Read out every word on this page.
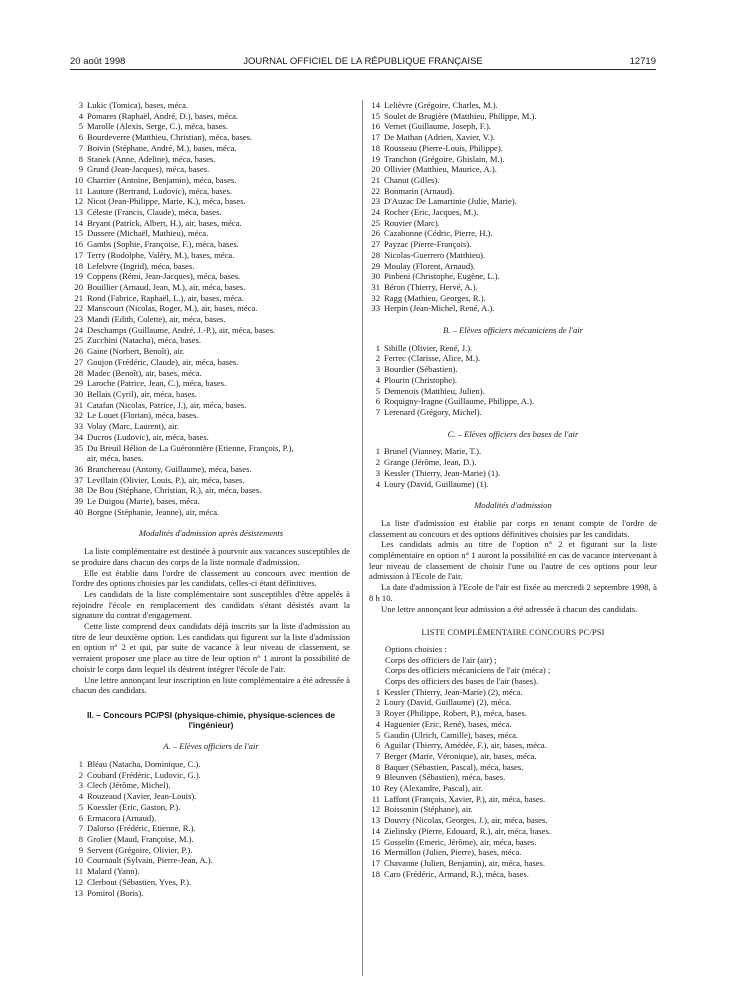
20 août 1998	JOURNAL OFFICIEL DE LA RÉPUBLIQUE FRANÇAISE	12719
3 Lukic (Tomica), bases, méca.
4 Pomares (Raphaël, André, D.), bases, méca.
5 Marolle (Alexis, Serge, C.), méca, bases.
6 Bourdeverre (Matthieu, Christian), méca, bases.
7 Boivin (Stéphane, André, M.), bases, méca.
8 Stanek (Anne, Adeline), méca, bases.
9 Grund (Jean-Jacques), méca, bases.
10 Charrier (Antoine, Benjamin), méca, bases.
11 Lauture (Bertrand, Ludovic), méca, bases.
12 Nicot (Jean-Philippe, Marie, K.), méca, bases.
13 Céleste (Francis, Claude), méca, bases.
14 Bryant (Patrick, Albert, H.), air, bases, méca.
15 Dussere (Michaël, Mathieu), méca.
16 Gambs (Sophie, Françoise, F.), méca, bases.
17 Terry (Rodolphe, Valéry, M.), bases, méca.
18 Lefebvre (Ingrid), méca, bases.
19 Coppens (Rémi, Jean-Jacques), méca, bases.
20 Bouillier (Arnaud, Jean, M.), air, méca, bases.
21 Rond (Fabrice, Raphaël, L.), air, bases, méca.
22 Manscourt (Nicolas, Roger, M.), air, bases, méca.
23 Mandi (Edith, Colette), air, méca, bases.
24 Deschamps (Guillaume, André, J.-P.), air, méca, bases.
25 Zucchini (Natacha), méca, bases.
26 Gaine (Norbert, Benoît), air.
27 Goujon (Frédéric, Claude), air, méca, bases.
28 Madec (Benoît), air, bases, méca.
29 Laroche (Patrice, Jean, C.), méca, bases.
30 Bellais (Cyril), air, méca, bases.
31 Catafan (Nicolas, Patrice, J.), air, méca, bases.
32 Le Louet (Florian), méca, bases.
33 Volay (Marc, Laurent), air.
34 Ducros (Ludovic), air, méca, bases.
35 Du Breuil Hélion de La Guéronnière (Etienne, François, P.),
air, méca, bases.
36 Branchereau (Antony, Guillaume), méca, bases.
37 Levillain (Olivier, Louis, P.), air, méca, bases.
38 De Bou (Stéphane, Christian, R.), air, méca, bases.
39 Le Duigou (Marie), bases, méca.
40 Borgne (Stéphanie, Jeanne), air, méca.
Modalités d'admission après désistements
La liste complémentaire est destinée à pourvoir aux vacances susceptibles de se produire dans chacun des corps de la liste normale d'admission.
Elle est établie dans l'ordre de classement au concours avec mention de l'ordre des options choisies par les candidats, celles-ci étant définitives.
Les candidats de la liste complémentaire sont susceptibles d'être appelés à rejoindre l'école en remplacement des candidats s'étant désistés avant la signature du contrat d'engagement.
Cette liste comprend deux candidats déjà inscrits sur la liste d'admission au titre de leur deuxième option. Les candidats qui figurent sur la liste d'admission en option n° 2 et qui, par suite de vacance à leur niveau de classement, se verraient proposer une place au titre de leur option n° 1 auront la possibilité de choisir le corps dans lequel ils désirent intégrer l'école de l'air.
Une lettre annonçant leur inscription en liste complémentaire a été adressée à chacun des candidats.
II. – Concours PC/PSI (physique-chimie, physique-sciences de l'ingénieur)
A. – Elèves officiers de l'air
1 Bléau (Natacha, Dominique, C.).
2 Coubard (Frédéric, Ludovic, G.).
3 Clech (Jérôme, Michel).
4 Rouzeaud (Xavier, Jean-Louis).
5 Koessler (Eric, Gaston, P.).
6 Ermacora (Arnaud).
7 Dalorso (Frédéric, Etienne, R.).
8 Grolier (Maud, Françoise, M.).
9 Servent (Grégoire, Olivier, P.).
10 Cournault (Sylvain, Pierre-Jean, A.).
11 Malard (Yann).
12 Clerbout (Sébastien, Yves, P.).
13 Pomirol (Boris).
14 Lelièvre (Grégoire, Charles, M.).
15 Soulet de Brugière (Matthieu, Philippe, M.).
16 Vernet (Guillaume, Joseph, F.).
17 De Mathan (Adrien, Xavier, V.).
18 Rousseau (Pierre-Louis, Philippe).
19 Tranchon (Grégoire, Ghislain, M.).
20 Ollivier (Matthieu, Maurice, A.).
21 Chanut (Gilles).
22 Bonmarin (Arnaud).
23 D'Auzac De Lamartinie (Julie, Marie).
24 Rocher (Eric, Jacques, M.).
25 Rouvier (Marc).
26 Cazabonne (Cédric, Pierre, H.).
27 Payzac (Pierre-François).
28 Nicolas-Guerrero (Matthieu).
29 Moulay (Florent, Arnaud).
30 Pinbeni (Christophe, Eugène, L.).
31 Béron (Thierry, Hervé, A.).
32 Ragg (Mathieu, Georges, R.).
33 Herpin (Jean-Michel, René, A.).
B. – Elèves officiers mécaniciens de l'air
1 Sibille (Olivier, René, J.).
2 Ferrec (Clarisse, Alice, M.).
3 Bourdier (Sébastien).
4 Plourin (Christophe).
5 Demenois (Matthieu, Julien).
6 Roquigny-Iragne (Guillaume, Philippe, A.).
7 Lerenard (Grégory, Michel).
C. – Elèves officiers des bases de l'air
1 Brunel (Vianney, Marie, T.).
2 Grange (Jérôme, Jean, D.).
3 Kessler (Thierry, Jean-Marie) (1).
4 Loury (David, Guillaume) (1).
Modalités d'admission
La liste d'admission est établie par corps en tenant compte de l'ordre de classement au concours et des options définitives choisies par les candidats.
Les candidats admis au titre de l'option n° 2 et figurant sur la liste complémentaire en option n° 1 auront la possibilité en cas de vacance intervenant à leur niveau de classement de choisir l'une ou l'autre de ces options pour leur admission à l'Ecole de l'air.
La date d'admission à l'Ecole de l'air est fixée au mercredi 2 septembre 1998, à 8 h 10.
Une lettre annonçant leur admission a été adressée à chacun des candidats.
LISTE COMPLÉMENTAIRE CONCOURS PC/PSI
Options choisies :
Corps des officiers de l'air (air) ;
Corps des officiers mécaniciens de l'air (méca) ;
Corps des officiers des bases de l'air (bases).
1 Kessler (Thierry, Jean-Marie) (2), méca.
2 Loury (David, Guillaume) (2), méca.
3 Royer (Philippe, Robert, P.), méca, bases.
4 Haguenier (Eric, René), bases, méca.
5 Gaudin (Ulrich, Camille), bases, méca.
6 Aguilar (Thierry, Amédée, F.), air, bases, méca.
7 Berger (Marie, Véronique), air, bases, méca.
8 Baquer (Sébastien, Pascal), méca, bases.
9 Bleunven (Sébastien), méca, bases.
10 Rey (Alexandre, Pascal), air.
11 Laffont (François, Xavier, P.), air, méca, bases.
12 Boissonin (Stéphane), air.
13 Douvry (Nicolas, Georges, J.), air, méca, bases.
14 Zielinsky (Pierre, Edouard, R.), air, méca, bases.
15 Gosselin (Emeric, Jérôme), air, méca, bases.
16 Mermillon (Julien, Pierre), bases, méca.
17 Chavanne (Julien, Benjamin), air, méca, bases.
18 Caro (Frédéric, Armand, R.), méca, bases.
